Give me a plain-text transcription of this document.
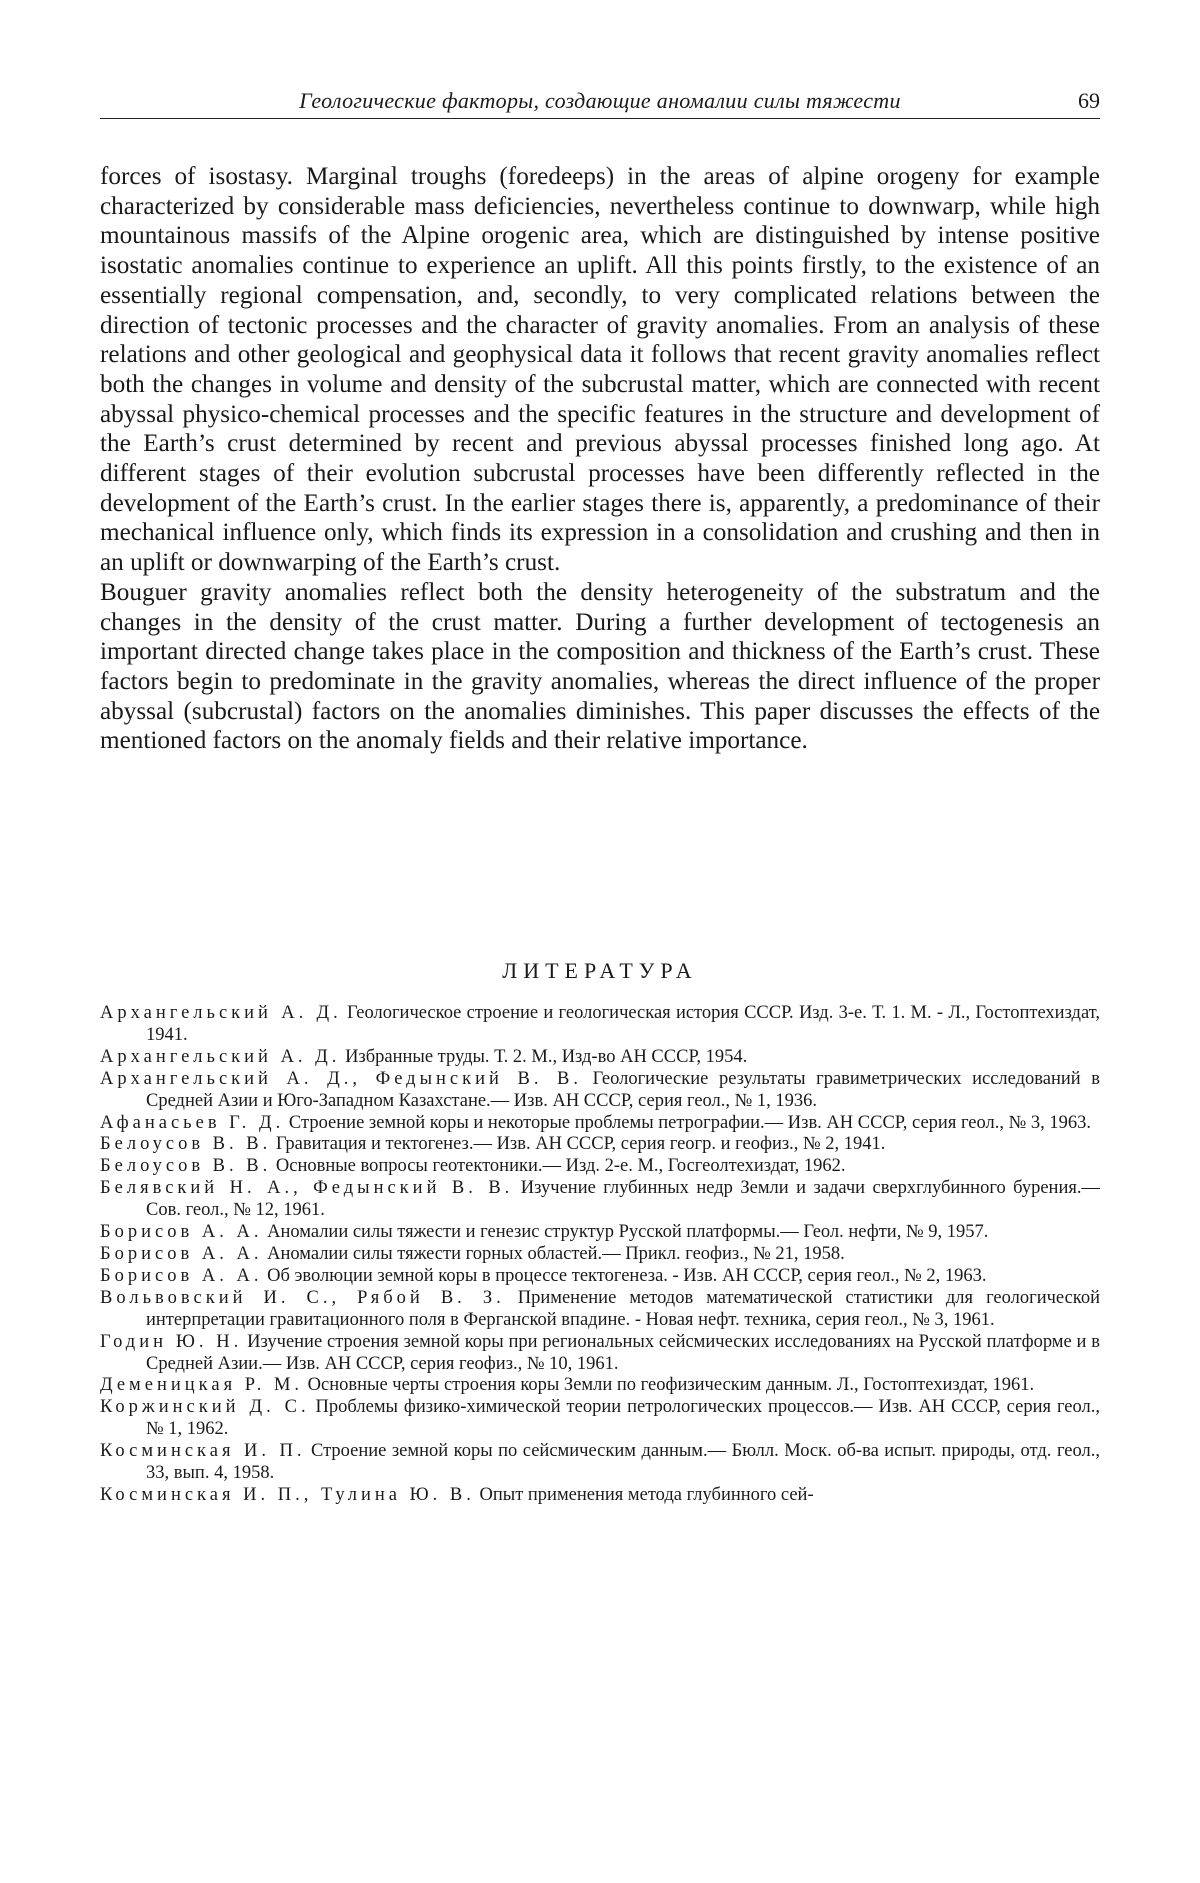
Геологические факторы, создающие аномалии силы тяжести	69

forces of isostasy. Marginal troughs (foredeeps) in the areas of alpine orogeny for example characterized by considerable mass deficiencies, nevertheless continue to downwarp, while high mountainous massifs of the Alpine orogenic area, which are distinguished by intense positive isostatic anomalies continue to experience an uplift. All this points firstly, to the existence of an essentially regional compensation, and, secondly, to very complicated relations between the direction of tectonic processes and the character of gravity anomalies. From an analysis of these relations and other geological and geophysical data it follows that recent gravity anomalies reflect both the changes in volume and density of the subcrustal matter, which are connected with recent abyssal physico-chemical processes and the specific features in the structure and development of the Earth’s crust determined by recent and previous abyssal processes finished long ago. At different stages of their evolution subcrustal processes have been differently reflected in the development of the Earth’s crust. In the earlier stages there is, apparently, a predominance of their mechanical influence only, which finds its expression in a consolidation and crushing and then in an uplift or downwarping of the Earth’s crust.

Bouguer gravity anomalies reflect both the density heterogeneity of the substratum and the changes in the density of the crust matter. During a further development of tectogenesis an important directed change takes place in the composition and thickness of the Earth’s crust. These factors begin to predominate in the gravity anomalies, whereas the direct influence of the proper abyssal (subcrustal) factors on the anomalies diminishes. This paper discusses the effects of the mentioned factors on the anomaly fields and their relative importance.

ЛИТЕРАТУРА

Архангельский А. Д. Геологическое строение и геологическая история СССР. Изд. 3-е. Т. 1. М. - Л., Гостоптехиздат, 1941.

Архангельский А. Д. Избранные труды. Т. 2. М., Изд-во АН СССР, 1954.

Архангельский А. Д., Федынский В. В. Геологические результаты гравиметрических исследований в Средней Азии и Юго-Западном Казахстане.— Изв. АН СССР, серия геол., № 1, 1936.

Афанасьев Г. Д. Строение земной коры и некоторые проблемы петрографии.— Изв. АН СССР, серия геол., № 3, 1963.

Белоусов В. В. Гравитация и тектогенез.— Изв. АН СССР, серия геогр. и геофиз., № 2, 1941.

Белоусов В. В. Основные вопросы геотектоники.— Изд. 2-е. М., Госгеолтехиздат, 1962.

Белявский Н. А., Федынский В. В. Изучение глубинных недр Земли и задачи сверхглубинного бурения.— Сов. геол., № 12, 1961.

Борисов А. А. Аномалии силы тяжести и генезис структур Русской платформы.— Геол. нефти, № 9, 1957.

Борисов А. А. Аномалии силы тяжести горных областей.— Прикл. геофиз., № 21, 1958.

Борисов А. А. Об эволюции земной коры в процессе тектогенеза. - Изв. АН СССР, серия геол., № 2, 1963.

Вольвовский И. С., Рябой В. З. Применение методов математической статистики для геологической интерпретации гравитационного поля в Ферганской впадине. - Новая нефт. техника, серия геол., № 3, 1961.

Годин Ю. Н. Изучение строения земной коры при региональных сейсмических исследованиях на Русской платформе и в Средней Азии.— Изв. АН СССР, серия геофиз., № 10, 1961.

Деменицкая Р. М. Основные черты строения коры Земли по геофизическим данным. Л., Гостоптехиздат, 1961.

Коржинский Д. С. Проблемы физико-химической теории петрологических процессов.— Изв. АН СССР, серия геол., № 1, 1962.

Косминская И. П. Строение земной коры по сейсмическим данным.— Бюлл. Моск. об-ва испыт. природы, отд. геол., 33, вып. 4, 1958.

Косминская И. П., Тулина Ю. В. Опыт применения метода глубинного сей-
